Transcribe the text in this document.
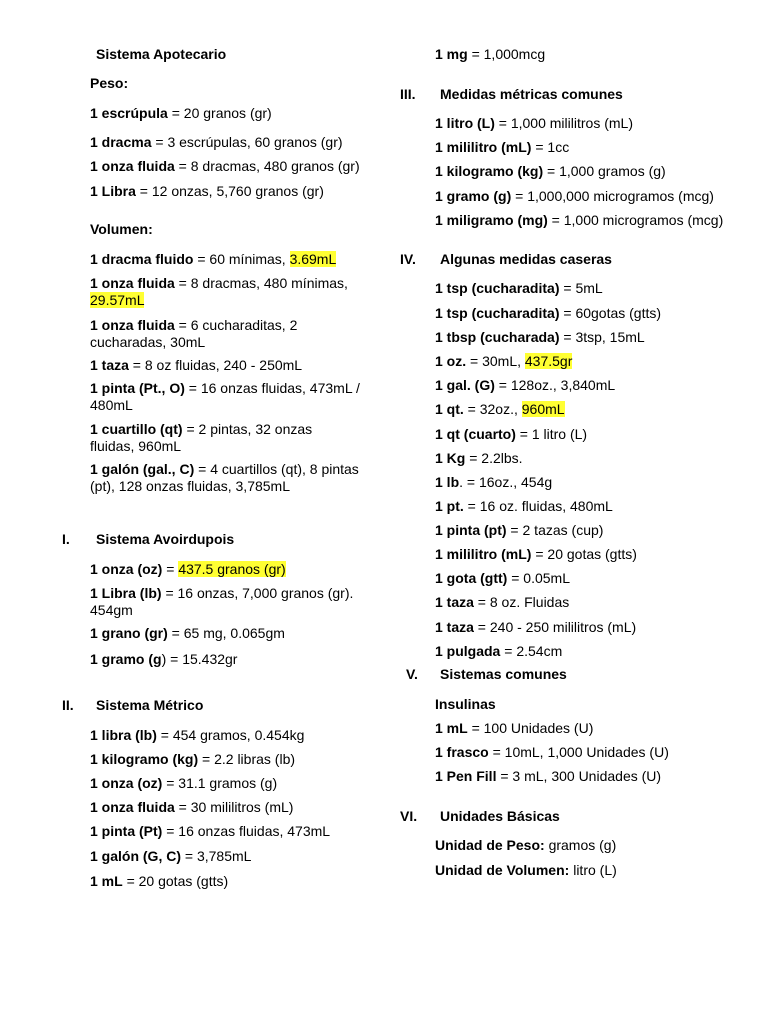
Sistema Apotecario
Peso:
1 escrúpula = 20 granos (gr)
1 dracma = 3 escrúpulas, 60 granos (gr)
1 onza fluida = 8 dracmas, 480 granos (gr)
1 Libra = 12 onzas, 5,760 granos (gr)
Volumen:
1 dracma fluido = 60 mínimas, 3.69mL
1 onza fluida = 8 dracmas, 480 mínimas, 29.57mL
1 onza fluida = 6 cucharaditas, 2 cucharadas, 30mL
1 taza = 8 oz fluidas, 240 - 250mL
1 pinta (Pt., O) = 16 onzas fluidas, 473mL / 480mL
1 cuartillo (qt) = 2 pintas, 32 onzas fluidas, 960mL
1 galón (gal., C) = 4 cuartillos (qt), 8 pintas (pt), 128 onzas fluidas, 3,785mL
I. Sistema Avoirdupois
1 onza (oz) = 437.5 granos (gr)
1 Libra (lb) = 16 onzas, 7,000 granos (gr). 454gm
1 grano (gr) = 65 mg, 0.065gm
1 gramo (g) = 15.432gr
II. Sistema Métrico
1 libra (lb) = 454 gramos, 0.454kg
1 kilogramo (kg) = 2.2 libras (lb)
1 onza (oz) = 31.1 gramos (g)
1 onza fluida = 30 mililitros (mL)
1 pinta (Pt) = 16 onzas fluidas, 473mL
1 galón (G, C) = 3,785mL
1 mL = 20 gotas (gtts)
1 mg = 1,000mcg
III. Medidas métricas comunes
1 litro (L) = 1,000 mililitros (mL)
1 mililitro (mL) = 1cc
1 kilogramo (kg) = 1,000 gramos (g)
1 gramo (g) = 1,000,000 microgramos (mcg)
1 miligramo (mg) = 1,000 microgramos (mcg)
IV. Algunas medidas caseras
1 tsp (cucharadita) = 5mL
1 tsp (cucharadita) = 60gotas (gtts)
1 tbsp (cucharada) = 3tsp, 15mL
1 oz. = 30mL, 437.5gr
1 gal. (G) = 128oz., 3,840mL
1 qt. = 32oz., 960mL
1 qt (cuarto) = 1 litro (L)
1 Kg = 2.2lbs.
1 lb. = 16oz., 454g
1 pt. = 16 oz. fluidas, 480mL
1 pinta (pt) = 2 tazas (cup)
1 mililitro (mL) = 20 gotas (gtts)
1 gota (gtt) = 0.05mL
1 taza = 8 oz. Fluidas
1 taza = 240 - 250 mililitros (mL)
1 pulgada = 2.54cm
V. Sistemas comunes
Insulinas
1 mL = 100 Unidades (U)
1 frasco = 10mL, 1,000 Unidades (U)
1 Pen Fill = 3 mL, 300 Unidades (U)
VI. Unidades Básicas
Unidad de Peso: gramos (g)
Unidad de Volumen: litro (L)
